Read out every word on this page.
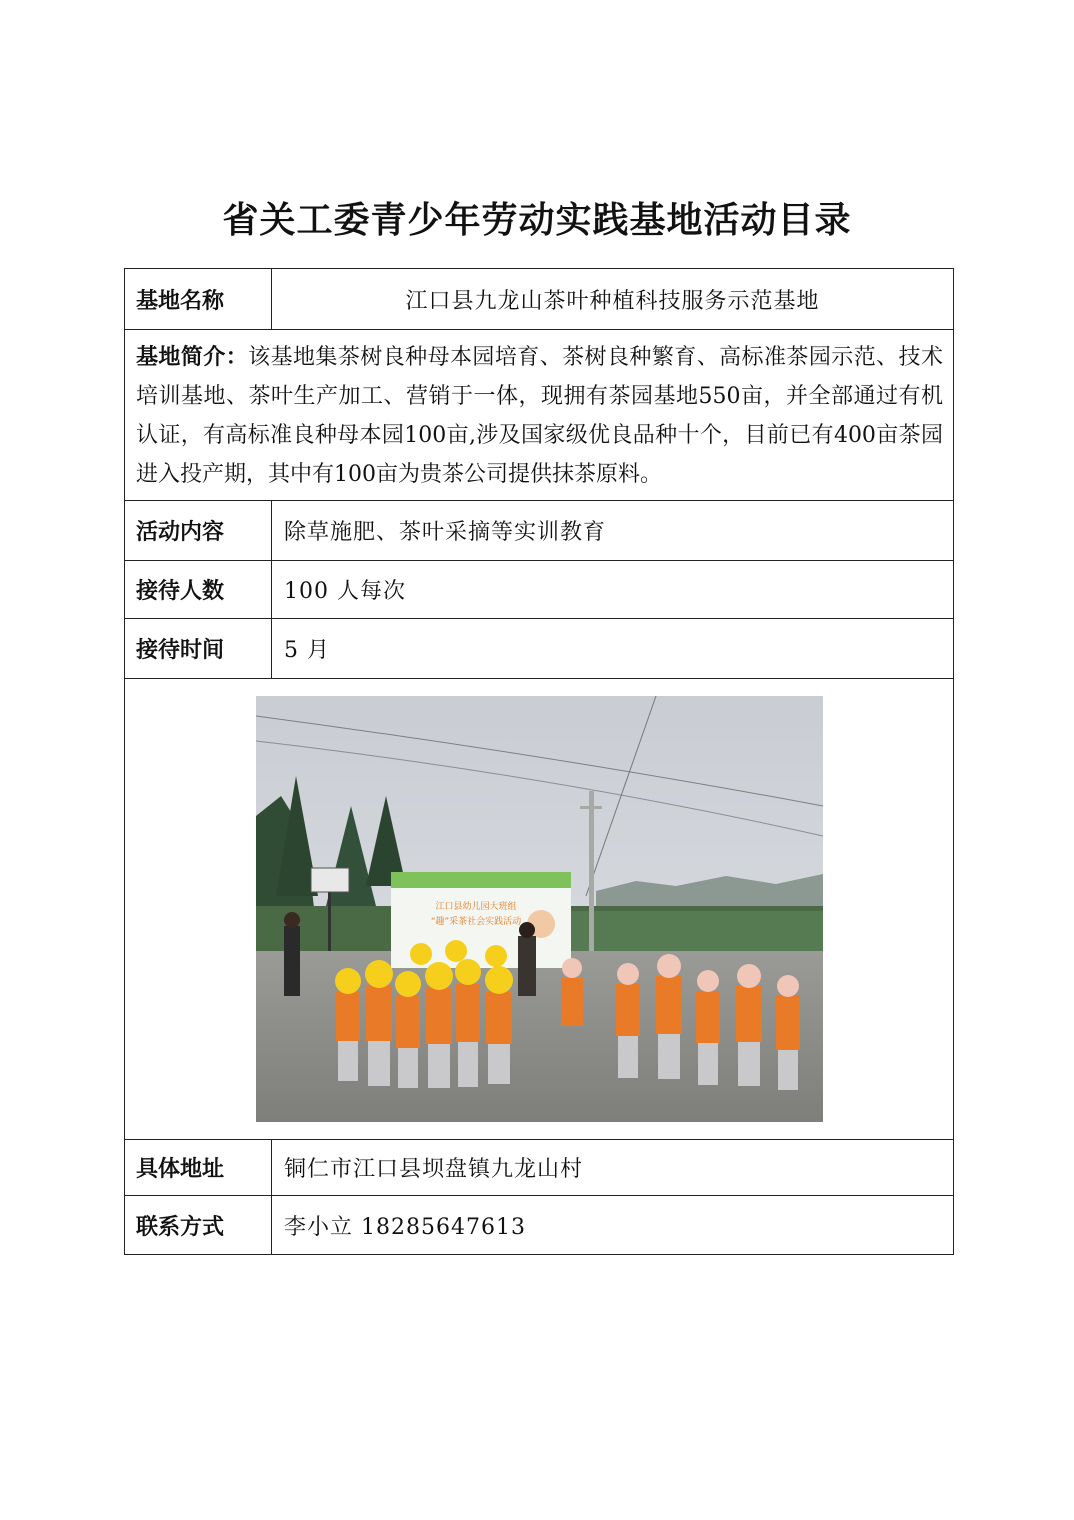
省关工委青少年劳动实践基地活动目录
基地名称	江口县九龙山茶叶种植科技服务示范基地
基地简介：该基地集茶树良种母本园培育、茶树良种繁育、高标准茶园示范、技术培训基地、茶叶生产加工、营销于一体，现拥有茶园基地550亩，并全部通过有机认证，有高标准良种母本园100亩,涉及国家级优良品种十个，目前已有400亩茶园进入投产期，其中有100亩为贵茶公司提供抹茶原料。	
活动内容	除草施肥、茶叶采摘等实训教育
接待人数	100 人每次
接待时间	5 月

江口县幼儿园大班组
“趣”采茶社会实践活动	

具体地址	铜仁市江口县坝盘镇九龙山村
联系方式	李小立 18285647613
